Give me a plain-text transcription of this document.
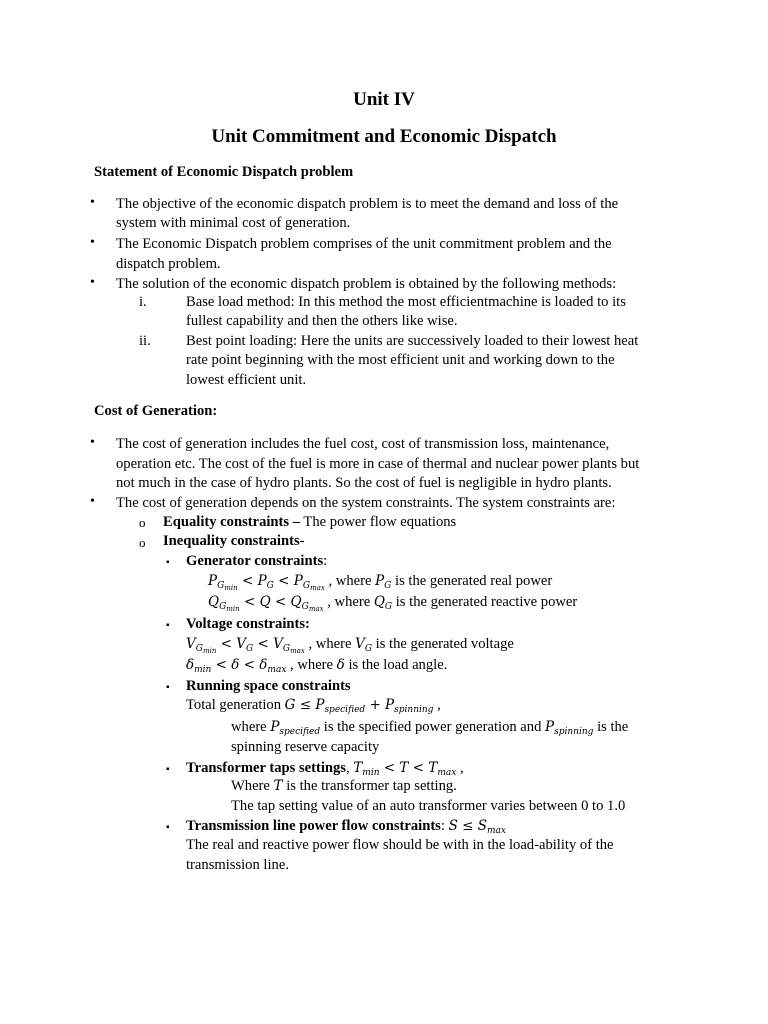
Unit IV
Unit Commitment and Economic Dispatch
Statement of Economic Dispatch problem
• The objective of the economic dispatch problem is to meet the demand and loss of the
system with minimal cost of generation.
• The Economic Dispatch problem comprises of the unit commitment problem and the
dispatch problem.
• The solution of the economic dispatch problem is obtained by the following methods:
i.	Base load method: In this method the most efficientmachine is loaded to its
fullest capability and then the others like wise.
ii.	Best point loading: Here the units are successively loaded to their lowest heat
rate point beginning with the most efficient unit and working down to the
lowest efficient unit.
Cost of Generation:
• The cost of generation includes the fuel cost, cost of transmission loss, maintenance,
operation etc. The cost of the fuel is more in case of thermal and nuclear power plants but
not much in the case of hydro plants. So the cost of fuel is negligible in hydro plants.
• The cost of generation depends on the system constraints. The system constraints are:
o Equality constraints – The power flow equations
o Inequality constraints-
▪ Generator constraints:
$P_{G_{min}} < P_G < P_{G_{max}}$ , where $P_G$ is the generated real power
$Q_{G_{min}} < Q < Q_{G_{max}}$ , where $Q_G$ is the generated reactive power
▪ Voltage constraints:
$V_{G_{min}} < V_G < V_{G_{max}}$ , where $V_G$ is the generated voltage
$\delta_{min} < \delta < \delta_{max}$ , where δ is the load angle.
▪ Running space constraints
Total generation $G \le P_{specified} + P_{spinning}$ ,
where $P_{specified}$ is the specified power generation and $P_{spinning}$ is the
spinning reserve capacity
▪ Transformer taps settings, $T_{min} < T < T_{max}$ ,
Where T is the transformer tap setting.
The tap setting value of an auto transformer varies between 0 to 1.0
▪ Transmission line power flow constraints: $S \le S_{max}$
The real and reactive power flow should be with in the load-ability of the
transmission line.
